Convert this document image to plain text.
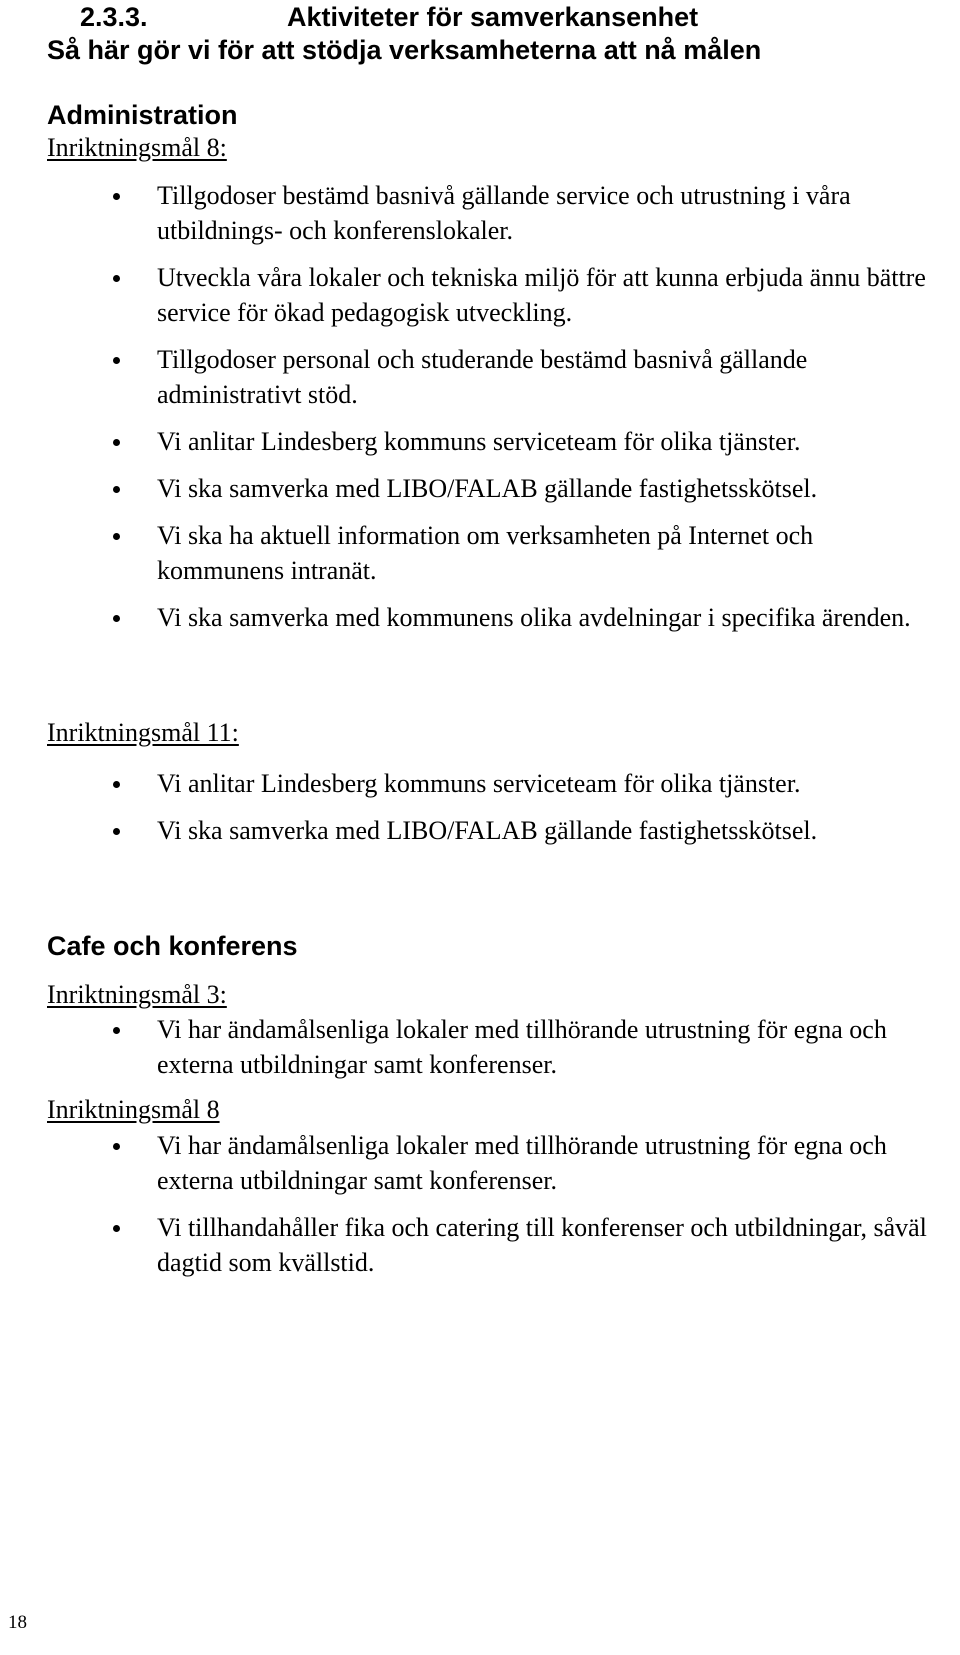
2.3.3.	Aktiviteter för samverkansenhet
Så här gör vi för att stödja verksamheterna att nå målen
Administration
Inriktningsmål 8:
Tillgodoser bestämd basnivå gällande service och utrustning i våra utbildnings- och konferenslokaler.
Utveckla våra lokaler och tekniska miljö för att kunna erbjuda ännu bättre service för ökad pedagogisk utveckling.
Tillgodoser personal och studerande bestämd basnivå gällande administrativt stöd.
Vi anlitar Lindesberg kommuns serviceteam för olika tjänster.
Vi ska samverka med LIBO/FALAB gällande fastighetsskötsel.
Vi ska ha aktuell information om verksamheten på Internet och kommunens intranät.
Vi ska samverka med kommunens olika avdelningar i specifika ärenden.
Inriktningsmål 11:
Vi anlitar Lindesberg kommuns serviceteam för olika tjänster.
Vi ska samverka med LIBO/FALAB gällande fastighetsskötsel.
Cafe och konferens
Inriktningsmål 3:
Vi har ändamålsenliga lokaler med tillhörande utrustning för egna och externa utbildningar samt konferenser.
Inriktningsmål 8
Vi har ändamålsenliga lokaler med tillhörande utrustning för egna och externa utbildningar samt konferenser.
Vi tillhandahåller fika och catering till konferenser och utbildningar, såväl dagtid som kvällstid.
18
